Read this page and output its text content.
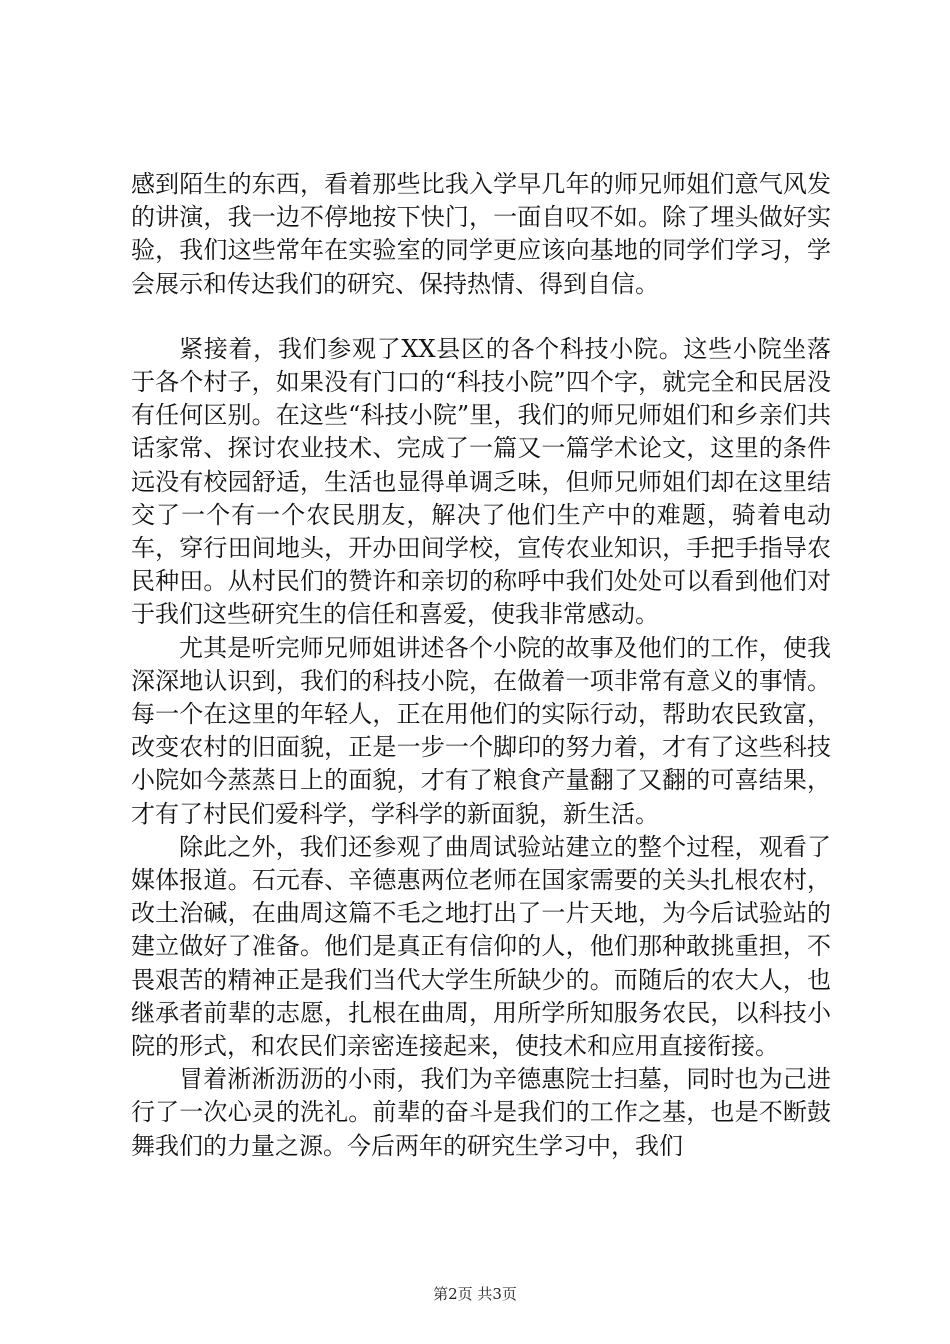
感到陌生的东西，看着那些比我入学早几年的师兄师姐们意气风发的讲演，我一边不停地按下快门，一面自叹不如。除了埋头做好实验，我们这些常年在实验室的同学更应该向基地的同学们学习，学会展示和传达我们的研究、保持热情、得到自信。

紧接着，我们参观了XX县区的各个科技小院。这些小院坐落于各个村子，如果没有门口的“科技小院”四个字，就完全和民居没有任何区别。在这些“科技小院”里，我们的师兄师姐们和乡亲们共话家常、探讨农业技术、完成了一篇又一篇学术论文，这里的条件远没有校园舒适，生活也显得单调乏味，但师兄师姐们却在这里结交了一个有一个农民朋友，解决了他们生产中的难题，骑着电动车，穿行田间地头，开办田间学校，宣传农业知识，手把手指导农民种田。从村民们的赞许和亲切的称呼中我们处处可以看到他们对于我们这些研究生的信任和喜爱，使我非常感动。

尤其是听完师兄师姐讲述各个小院的故事及他们的工作，使我深深地认识到，我们的科技小院，在做着一项非常有意义的事情。每一个在这里的年轻人，正在用他们的实际行动，帮助农民致富，改变农村的旧面貌，正是一步一个脚印的努力着，才有了这些科技小院如今蒸蒸日上的面貌，才有了粮食产量翻了又翻的可喜结果，才有了村民们爱科学，学科学的新面貌，新生活。

除此之外，我们还参观了曲周试验站建立的整个过程，观看了媒体报道。石元春、辛德惠两位老师在国家需要的关头扎根农村，改土治碱，在曲周这篇不毛之地打出了一片天地，为今后试验站的建立做好了准备。他们是真正有信仰的人，他们那种敢挑重担，不畏艰苦的精神正是我们当代大学生所缺少的。而随后的农大人，也继承者前辈的志愿，扎根在曲周，用所学所知服务农民，以科技小院的形式，和农民们亲密连接起来，使技术和应用直接衔接。

冒着淅淅沥沥的小雨，我们为辛德惠院士扫墓，同时也为己进行了一次心灵的洗礼。前辈的奋斗是我们的工作之基，也是不断鼓舞我们的力量之源。今后两年的研究生学习中，我们

第2页 共3页
